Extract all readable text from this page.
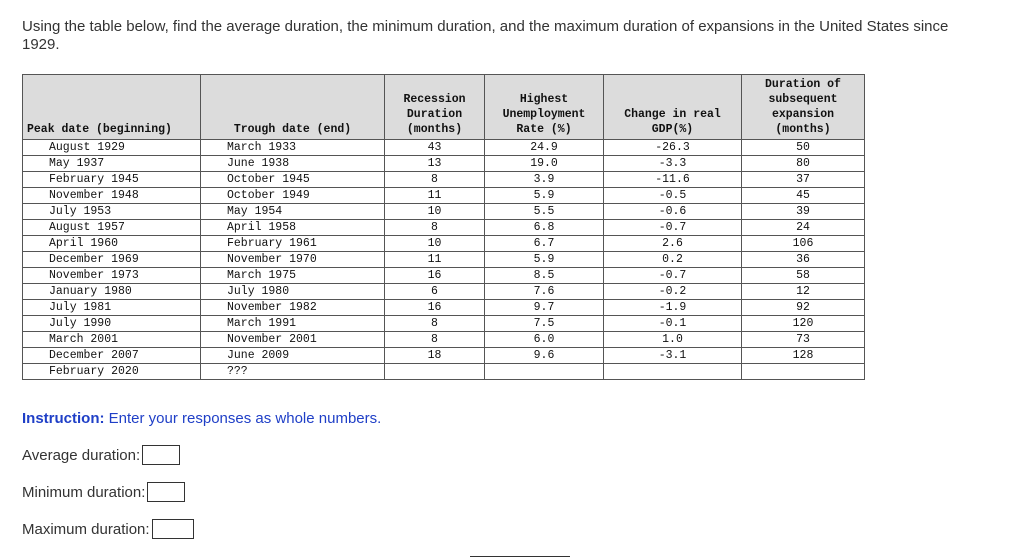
Using the table below, find the average duration, the minimum duration, and the maximum duration of expansions in the United States since 1929.
Peak date (beginning)	Trough date (end)	Recession Duration (months)	Highest Unemployment Rate (%)	Change in real GDP(%)	Duration of subsequent expansion (months)
August 1929	March 1933	43	24.9	-26.3	50
May 1937	June 1938	13	19.0	-3.3	80
February 1945	October 1945	8	3.9	-11.6	37
November 1948	October 1949	11	5.9	-0.5	45
July 1953	May 1954	10	5.5	-0.6	39
August 1957	April 1958	8	6.8	-0.7	24
April 1960	February 1961	10	6.7	2.6	106
December 1969	November 1970	11	5.9	0.2	36
November 1973	March 1975	16	8.5	-0.7	58
January 1980	July 1980	6	7.6	-0.2	12
July 1981	November 1982	16	9.7	-1.9	92
July 1990	March 1991	8	7.5	-0.1	120
March 2001	November 2001	8	6.0	1.0	73
December 2007	June 2009	18	9.6	-3.1	128
February 2020	???				
Instruction: Enter your responses as whole numbers.
Average duration:
Minimum duration:
Maximum duration:
